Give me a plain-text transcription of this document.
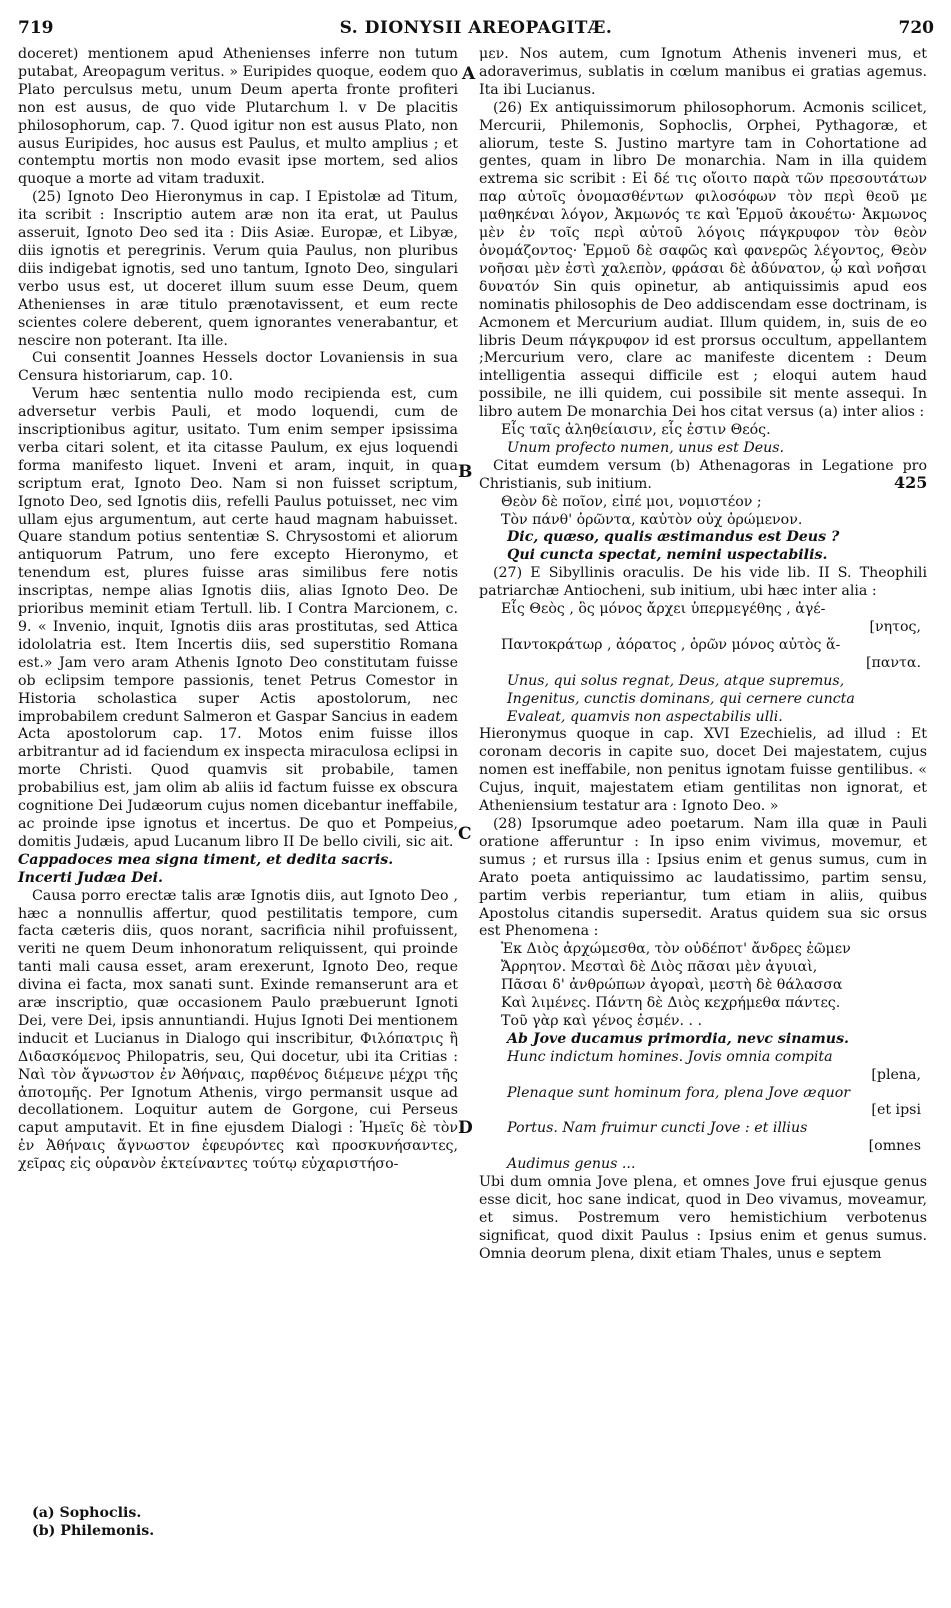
719	S. DIONYSII AREOPAGITÆ.	720
A
B
C
D
425

doceret) mentionem apud Athenienses inferre non tutum putabat, Areopagum veritus. » Euripides quoque, eodem quo Plato perculsus metu, unum Deum aperta fronte profiteri non est ausus, de quo vide Plutarchum l. v De placitis philosophorum, cap. 7. Quod igitur non est ausus Plato, non ausus Euripides, hoc ausus est Paulus, et multo amplius ; et contemptu mortis non modo evasit ipse mortem, sed alios quoque a morte ad vitam traduxit.

(25) Ignoto Deo Hieronymus in cap. I Epistolæ ad Titum, ita scribit : Inscriptio autem aræ non ita erat, ut Paulus asseruit, Ignoto Deo sed ita : Diis Asiæ. Europæ, et Libyæ, diis ignotis et peregrinis. Verum quia Paulus, non pluribus diis indigebat ignotis, sed uno tantum, Ignoto Deo, singulari verbo usus est, ut doceret illum suum esse Deum, quem Athenienses in aræ titulo prænotavissent, et eum recte scientes colere deberent, quem ignorantes venerabantur, et nescire non poterant. Ita ille.

Cui consentit Joannes Hessels doctor Lovaniensis in sua Censura historiarum, cap. 10.

Verum hæc sententia nullo modo recipienda est, cum adversetur verbis Pauli, et modo loquendi, cum de inscriptionibus agitur, usitato. Tum enim semper ipsissima verba citari solent, et ita citasse Paulum, ex ejus loquendi forma manifesto liquet. Inveni et aram, inquit, in qua scriptum erat, Ignoto Deo. Nam si non fuisset scriptum, Ignoto Deo, sed Ignotis diis, refelli Paulus potuisset, nec vim ullam ejus argumentum, aut certe haud magnam habuisset. Quare standum potius sententiæ S. Chrysostomi et aliorum antiquorum Patrum, uno fere excepto Hieronymo, et tenendum est, plures fuisse aras similibus fere notis inscriptas, nempe alias Ignotis diis, alias Ignoto Deo. De prioribus meminit etiam Tertull. lib. I Contra Marcionem, c. 9. « Invenio, inquit, Ignotis diis aras prostitutas, sed Attica idololatria est. Item Incertis diis, sed superstitio Romana est.» Jam vero aram Athenis Ignoto Deo constitutam fuisse ob eclipsim tempore passionis, tenet Petrus Comestor in Historia scholastica super Actis apostolorum, nec improbabilem credunt Salmeron et Gaspar Sancius in eadem Acta apostolorum cap. 17. Motos enim fuisse illos arbitrantur ad id faciendum ex inspecta miraculosa eclipsi in morte Christi. Quod quamvis sit probabile, tamen probabilius est, jam olim ab aliis id factum fuisse ex obscura cognitione Dei Judæorum cujus nomen dicebantur ineffabile, ac proinde ipse ignotus et incertus. De quo et Pompeius, domitis Judæis, apud Lucanum libro II De bello civili, sic ait.

Cappadoces mea signa timent, et dedita sacris.

Incerti Judæa Dei.

Causa porro erectæ talis aræ Ignotis diis, aut Ignoto Deo , hæc a nonnullis affertur, quod pestilitatis tempore, cum facta cæteris diis, quos norant, sacrificia nihil profuissent, veriti ne quem Deum inhonoratum reliquissent, qui proinde tanti mali causa esset, aram erexerunt, Ignoto Deo, reque divina ei facta, mox sanati sunt. Exinde remanserunt ara et aræ inscriptio, quæ occasionem Paulo præbuerunt Ignoti Dei, vere Dei, ipsis annuntiandi. Hujus Ignoti Dei mentionem inducit et Lucianus in Dialogo qui inscribitur, Φιλόπατρις ἢ Διδασκόμενος Philopatris, seu, Qui docetur, ubi ita Critias : Ναὶ τὸν ἄγνωστον ἐν Ἀθήναις, παρθένος διέμεινε μέχρι τῆς ἀποτομῆς. Per Ignotum Athenis, virgo permansit usque ad decollationem. Loquitur autem de Gorgone, cui Perseus caput amputavit. Et in fine ejusdem Dialogi : Ἡμεῖς δὲ τὸν ἐν Ἀθήναις ἄγνωστον ἐφευρόντες καὶ προσκυνήσαντες, χεῖρας εἰς οὐρανὸν ἐκτείναντες τούτῳ εὐχαριστήσο-

(a) Sophoclis.
(b) Philemonis.

μεν. Nos autem, cum Ignotum Athenis inveneri mus, et adoraverimus, sublatis in cœlum manibus ei gratias agemus. Ita ibi Lucianus.

(26) Ex antiquissimorum philosophorum. Acmonis scilicet, Mercurii, Philemonis, Sophoclis, Orphei, Pythagoræ, et aliorum, teste S. Justino martyre tam in Cohortatione ad gentes, quam in libro De monarchia. Nam in illa quidem extrema sic scribit : Εἰ δέ τις οἴοιτο παρὰ τῶν πρεσουτάτων παρ αὐτοῖς ὀνομασθέντων φιλοσόφων τὸν περὶ θεοῦ με μαθηκέναι λόγον, Ἀκμωνός τε καὶ Ἑρμοῦ ἀκουέτω· Ἀκμωνος μὲν ἐν τοῖς περὶ αὐτοῦ λόγοις πάγκρυφον τὸν θεὸν ὀνομάζοντος· Ἑρμοῦ δὲ σαφῶς καὶ φανερῶς λέγοντος, Θεὸν νοῆσαι μὲν ἐστὶ χαλεπὸν, φράσαι δὲ ἀδύνατον, ᾧ καὶ νοῆσαι δυνατόν Sin quis opinetur, ab antiquissimis apud eos nominatis philosophis de Deo addiscendam esse doctrinam, is Acmonem et Mercurium audiat. Illum quidem, in, suis de eo libris Deum πάγκρυφον id est prorsus occultum, appellantem ;Mercurium vero, clare ac manifeste dicentem : Deum intelligentia assequi difficile est ; eloqui autem haud possibile, ne illi quidem, cui possibile sit mente assequi. In libro autem De monarchia Dei hos citat versus (a) inter alios :

Εἷς ταῖς ἀληθείαισιν, εἷς ἐστιν Θεός.

Unum profecto numen, unus est Deus.

Citat eumdem versum (b) Athenagoras in Legatione pro Christianis, sub initium.

Θεὸν δὲ ποῖον, εἰπέ μοι, νομιστέον ;

Τὸν πάνθ' ὁρῶντα, καὐτὸν οὐχ ὁρώμενον.

Dic, quæso, qualis æstimandus est Deus ?

Qui cuncta spectat, nemini uspectabilis.

(27) E Sibyllinis oraculis. De his vide lib. II S. Theophili patriarchæ Antiocheni, sub initium, ubi hæc inter alia :

Εἷς Θεὸς , ὃς μόνος ἄρχει ὑπερμεγέθης , ἀγέ-

[νητος,

Παντοκράτωρ , ἀόρατος , ὁρῶν μόνος αὐτὸς ἅ-

[παντα.

Unus, qui solus regnat, Deus, atque supremus,

Ingenitus, cunctis dominans, qui cernere cuncta

Evaleat, quamvis non aspectabilis ulli.

Hieronymus quoque in cap. XVI Ezechielis, ad illud : Et coronam decoris in capite suo, docet Dei majestatem, cujus nomen est ineffabile, non penitus ignotam fuisse gentilibus. « Cujus, inquit, majestatem etiam gentilitas non ignorat, et Atheniensium testatur ara : Ignoto Deo. »

(28) Ipsorumque adeo poetarum. Nam illa quæ in Pauli oratione afferuntur : In ipso enim vivimus, movemur, et sumus ; et rursus illa : Ipsius enim et genus sumus, cum in Arato poeta antiquissimo ac laudatissimo, partim sensu, partim verbis reperiantur, tum etiam in aliis, quibus Apostolus citandis supersedit. Aratus quidem sua sic orsus est Phenomena :

Ἐκ Διὸς ἀρχώμεσθα, τὸν οὐδέποτ' ἄνδρες ἐῶμεν

Ἄρρητον. Μεσταὶ δὲ Διὸς πᾶσαι μὲν ἀγυιαὶ,

Πᾶσαι δ' ἀνθρώπων ἀγοραὶ, μεστὴ δὲ θάλασσα

Καὶ λιμένες. Πάντη δὲ Διὸς κεχρήμεθα πάντες.

Τοῦ γὰρ καὶ γένος ἐσμέν. . .

Ab Jove ducamus primordia, nevc sinamus.

Hunc indictum homines. Jovis omnia compita

[plena,

Plenaque sunt hominum fora, plena Jove æquor

[et ipsi

Portus. Nam fruimur cuncti Jove : et illius

[omnes

Audimus genus ...

Ubi dum omnia Jove plena, et omnes Jove frui ejusque genus esse dicit, hoc sane indicat, quod in Deo vivamus, moveamur, et simus. Postremum vero hemistichium verbotenus significat, quod dixit Paulus : Ipsius enim et genus sumus. Omnia deorum plena, dixit etiam Thales, unus e septem
